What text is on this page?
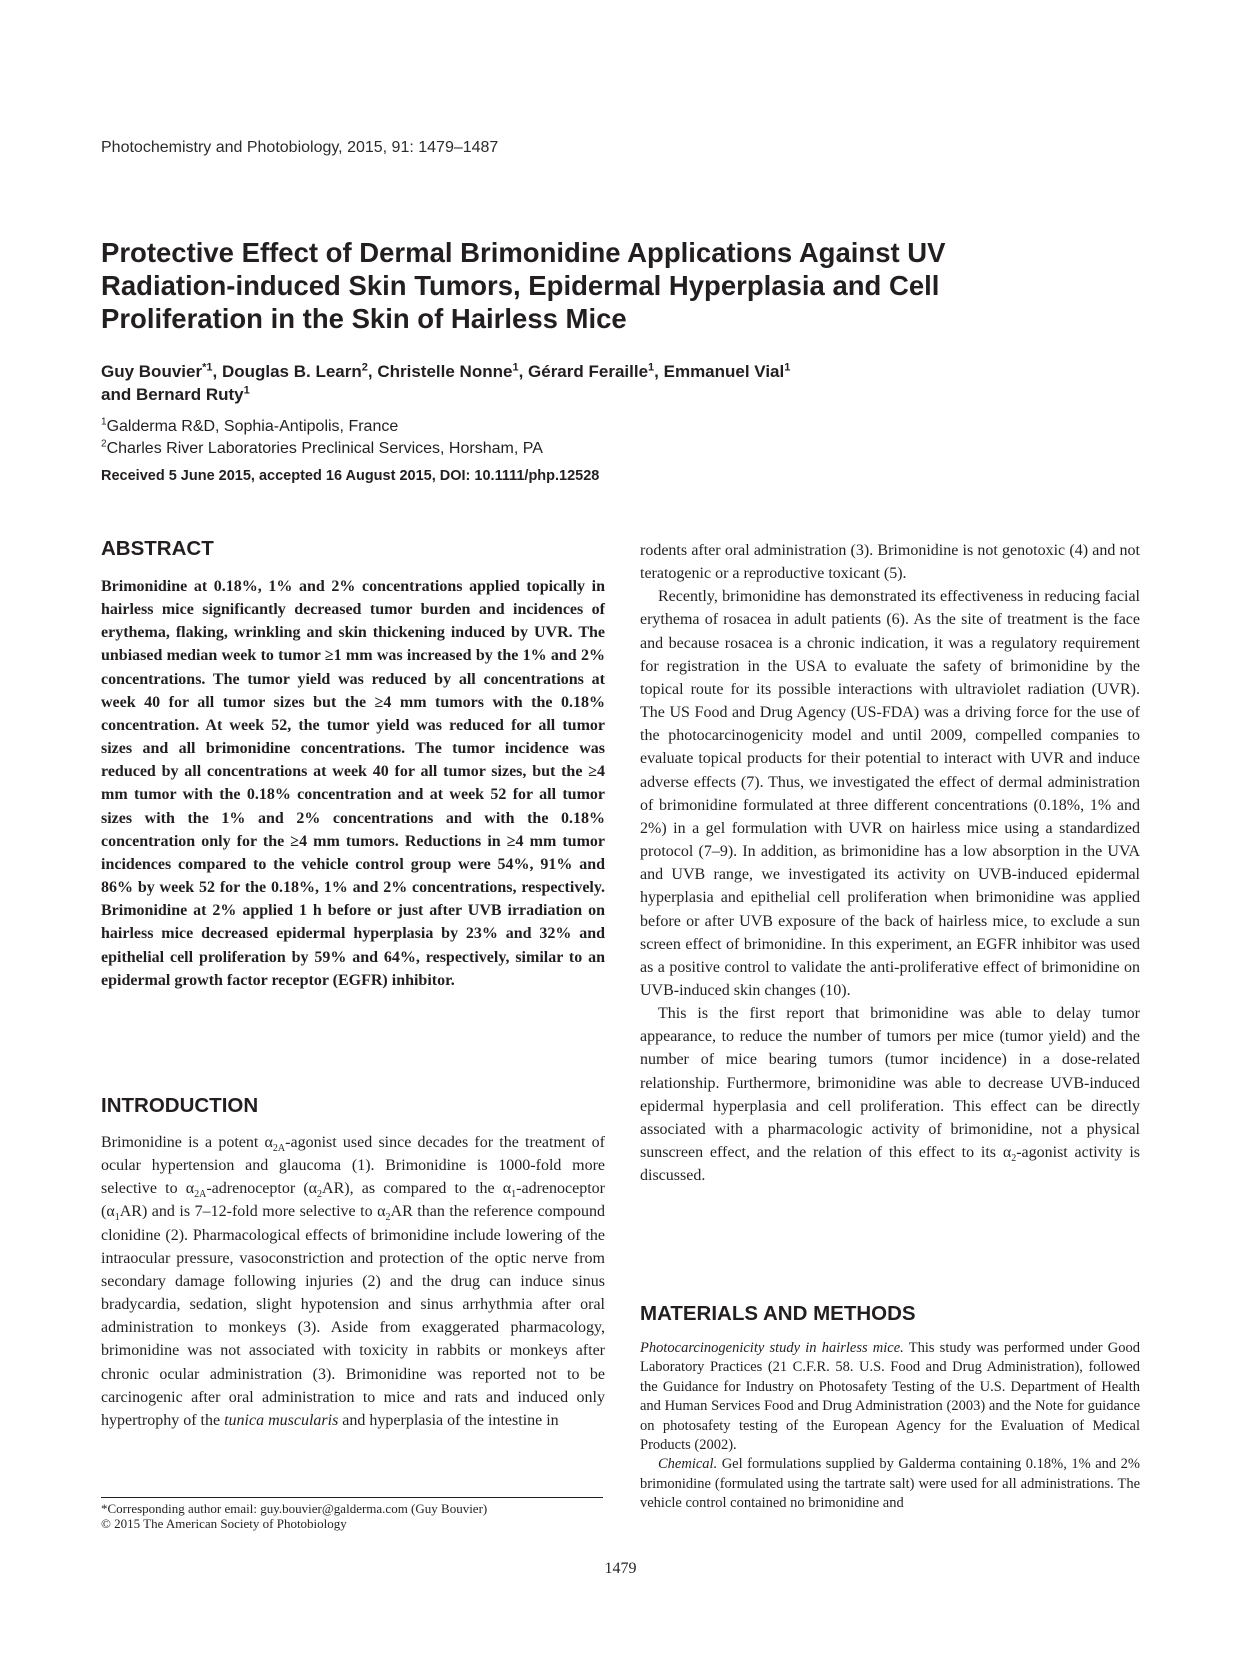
Photochemistry and Photobiology, 2015, 91: 1479–1487
Protective Effect of Dermal Brimonidine Applications Against UV Radiation-induced Skin Tumors, Epidermal Hyperplasia and Cell Proliferation in the Skin of Hairless Mice
Guy Bouvier$^{*1}$, Douglas B. Learn$^2$, Christelle Nonne$^1$, Gérard Feraille$^1$, Emmanuel Vial$^1$
and Bernard Ruty$^1$
$^1$Galderma R&D, Sophia-Antipolis, France
$^2$Charles River Laboratories Preclinical Services, Horsham, PA
Received 5 June 2015, accepted 16 August 2015, DOI: 10.1111/php.12528
ABSTRACT

Brimonidine at 0.18%, 1% and 2% concentrations applied topically in hairless mice significantly decreased tumor burden and incidences of erythema, flaking, wrinkling and skin thickening induced by UVR. The unbiased median week to tumor ≥1 mm was increased by the 1% and 2% concentrations. The tumor yield was reduced by all concentrations at week 40 for all tumor sizes but the ≥4 mm tumors with the 0.18% concentration. At week 52, the tumor yield was reduced for all tumor sizes and all brimonidine concentrations. The tumor incidence was reduced by all concentrations at week 40 for all tumor sizes, but the ≥4 mm tumor with the 0.18% concentration and at week 52 for all tumor sizes with the 1% and 2% concentrations and with the 0.18% concentration only for the ≥4 mm tumors. Reductions in ≥4 mm tumor incidences compared to the vehicle control group were 54%, 91% and 86% by week 52 for the 0.18%, 1% and 2% concentrations, respectively. Brimonidine at 2% applied 1 h before or just after UVB irradiation on hairless mice decreased epidermal hyperplasia by 23% and 32% and epithelial cell proliferation by 59% and 64%, respectively, similar to an epidermal growth factor receptor (EGFR) inhibitor.

INTRODUCTION

Brimonidine is a potent $\alpha_{2A}$-agonist used since decades for the treatment of ocular hypertension and glaucoma (1). Brimonidine is 1000-fold more selective to $\alpha_{2A}$-adrenoceptor $(\alpha_2AR)$, as compared to the $\alpha_1$-adrenoceptor $(\alpha_1AR)$ and is 7–12-fold more selective to $\alpha_2AR$ than the reference compound clonidine (2). Pharmacological effects of brimonidine include lowering of the intraocular pressure, vasoconstriction and protection of the optic nerve from secondary damage following injuries (2) and the drug can induce sinus bradycardia, sedation, slight hypotension and sinus arrhythmia after oral administration to monkeys (3). Aside from exaggerated pharmacology, brimonidine was not associated with toxicity in rabbits or monkeys after chronic ocular administration (3). Brimonidine was reported not to be carcinogenic after oral administration to mice and rats and induced only hypertrophy of the tunica muscularis and hyperplasia of the intestine in

rodents after oral administration (3). Brimonidine is not genotoxic (4) and not teratogenic or a reproductive toxicant (5).

Recently, brimonidine has demonstrated its effectiveness in reducing facial erythema of rosacea in adult patients (6). As the site of treatment is the face and because rosacea is a chronic indication, it was a regulatory requirement for registration in the USA to evaluate the safety of brimonidine by the topical route for its possible interactions with ultraviolet radiation (UVR). The US Food and Drug Agency (US-FDA) was a driving force for the use of the photocarcinogenicity model and until 2009, compelled companies to evaluate topical products for their potential to interact with UVR and induce adverse effects (7). Thus, we investigated the effect of dermal administration of brimonidine formulated at three different concentrations (0.18%, 1% and 2%) in a gel formulation with UVR on hairless mice using a standardized protocol (7–9). In addition, as brimonidine has a low absorption in the UVA and UVB range, we investigated its activity on UVB-induced epidermal hyperplasia and epithelial cell proliferation when brimonidine was applied before or after UVB exposure of the back of hairless mice, to exclude a sun screen effect of brimonidine. In this experiment, an EGFR inhibitor was used as a positive control to validate the anti-proliferative effect of brimonidine on UVB-induced skin changes (10).

This is the first report that brimonidine was able to delay tumor appearance, to reduce the number of tumors per mice (tumor yield) and the number of mice bearing tumors (tumor incidence) in a dose-related relationship. Furthermore, brimonidine was able to decrease UVB-induced epidermal hyperplasia and cell proliferation. This effect can be directly associated with a pharmacologic activity of brimonidine, not a physical sunscreen effect, and the relation of this effect to its $\alpha_2$-agonist activity is discussed.

MATERIALS AND METHODS

Photocarcinogenicity study in hairless mice. This study was performed under Good Laboratory Practices (21 C.F.R. 58. U.S. Food and Drug Administration), followed the Guidance for Industry on Photosafety Testing of the U.S. Department of Health and Human Services Food and Drug Administration (2003) and the Note for guidance on photosafety testing of the European Agency for the Evaluation of Medical Products (2002).

Chemical. Gel formulations supplied by Galderma containing 0.18%, 1% and 2% brimonidine (formulated using the tartrate salt) were used for all administrations. The vehicle control contained no brimonidine and

*Corresponding author email: guy.bouvier@galderma.com (Guy Bouvier)
© 2015 The American Society of Photobiology
1479
